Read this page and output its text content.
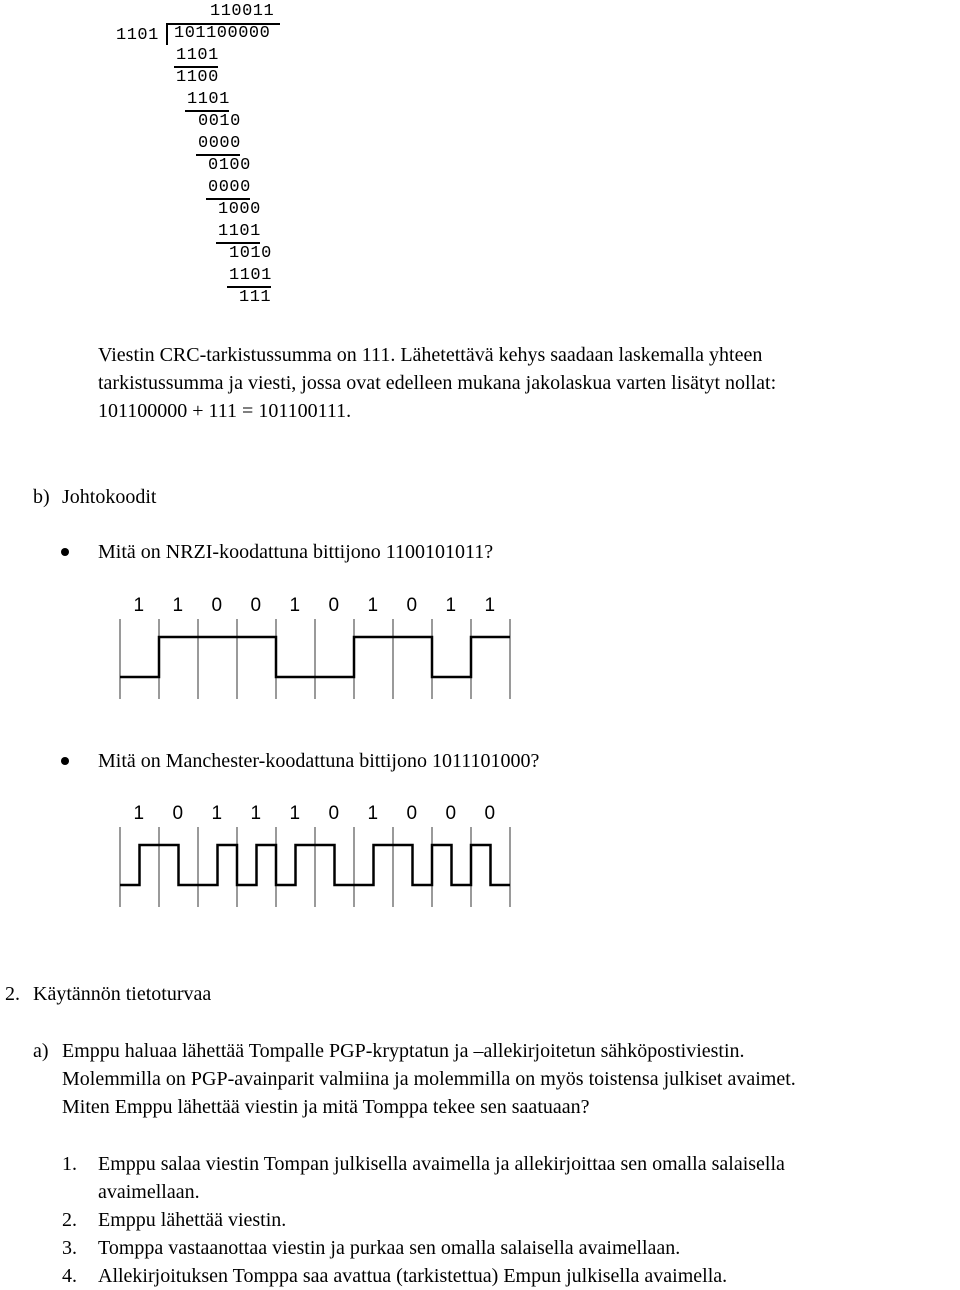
110011
1101 101100000
1101
1100
1101
0010
0000
0100
0000
1000
1101
1010
1101
111
Viestin CRC-tarkistussumma on 111. Lähetettävä kehys saadaan laskemalla yhteen
tarkistussumma ja viesti, jossa ovat edelleen mukana jakolaskua varten lisätyt nollat:
101100000 + 111 = 101100111.
b) Johtokoodit
Mitä on NRZI-koodattuna bittijono 1100101011?
1 1 0 0 1 0 1 0 1 1
Mitä on Manchester-koodattuna bittijono 1011101000?
1 0 1 1 1 0 1 0 0 0
2. Käytännön tietoturvaa
a) Emppu haluaa lähettää Tompalle PGP-kryptatun ja –allekirjoitetun sähköpostiviestin.
Molemmilla on PGP-avainparit valmiina ja molemmilla on myös toistensa julkiset avaimet.
Miten Emppu lähettää viestin ja mitä Tomppa tekee sen saatuaan?
1. Emppu salaa viestin Tompan julkisella avaimella ja allekirjoittaa sen omalla salaisella
avaimellaan.
2. Emppu lähettää viestin.
3. Tomppa vastaanottaa viestin ja purkaa sen omalla salaisella avaimellaan.
4. Allekirjoituksen Tomppa saa avattua (tarkistettua) Empun julkisella avaimella.
